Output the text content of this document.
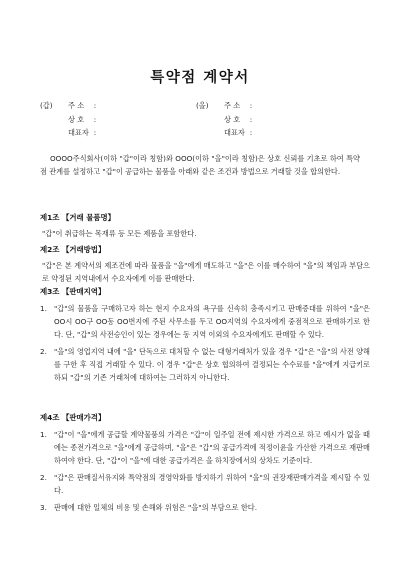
특약점 계약서
(갑) 주 소 :
상 호 :
대표자 :
(을) 주 소 :
상 호 :
대표자 :

OOOO주식회사(이하 "갑"이라 칭함)와 OOO(이하 "을"이라 칭함)은 상호 신뢰를 기초로 하여 특약점 관계를 설정하고 "갑"이 공급하는 물품을 아래와 같은 조건과 방법으로 거래할 것을 합의한다.

제1조 【거래 물품명】

"갑"이 취급하는 목재류 등 모든 제품을 포함한다.

제2조 【거래방법】

"갑"은 본 계약서의 제조건에 따라 물품을 "을"에게 매도하고 "을"은 이를 매수하여 "을"의 책임과 부담으로 약정된 지역내에서 수요자에게 이를 판매한다.

제3조 【판매지역】
1. "갑"의 물품을 구매하고자 하는 현지 수요자의 욕구를 신속히 충족시키고 판매증대를 위하여 "을"은 OO시 OO구 OO동 OO번지에 주된 사무소를 두고 OO지역의 수요자에게 중점적으로 판매하기로 한다. 단, "갑"의 사전승인이 있는 경우에는 동 지역 이외의 수요자에게도 판매할 수 있다.
2. "을"의 영업지역 내에 "을" 단독으로 대처할 수 없는 대형거래처가 있을 경우 "갑"은 "을"의 사전 양해를 구한 후 직접 거래할 수 있다. 이 경우 "갑"은 상호 협의하여 결정되는 수수료를 "을"에게 지급키로 하되 "갑"의 기존 거래처에 대하여는 그러하지 아니한다.
제4조 【판매가격】
1. "갑"이 "을"에게 공급할 계약물품의 가격은 "갑"이 일주일 전에 제시한 가격으로 하고 예시가 없을 때에는 종전가격으로 "을"에게 공급하며, "을"은 "갑"의 공급가격에 적정이윤을 가산한 가격으로 재판매하여야 한다. 단, "갑"이 "을"에 대한 공급가격은 을 하치장에서의 상차도 기준이다.
2. "갑"은 판매질서유지와 특약점의 경영악화를 방지하기 위하여 "을"의 권장재판매가격을 제시할 수 있다.
3. 판매에 대한 일체의 비용 및 손해와 위험은 "을"의 부담으로 한다.
